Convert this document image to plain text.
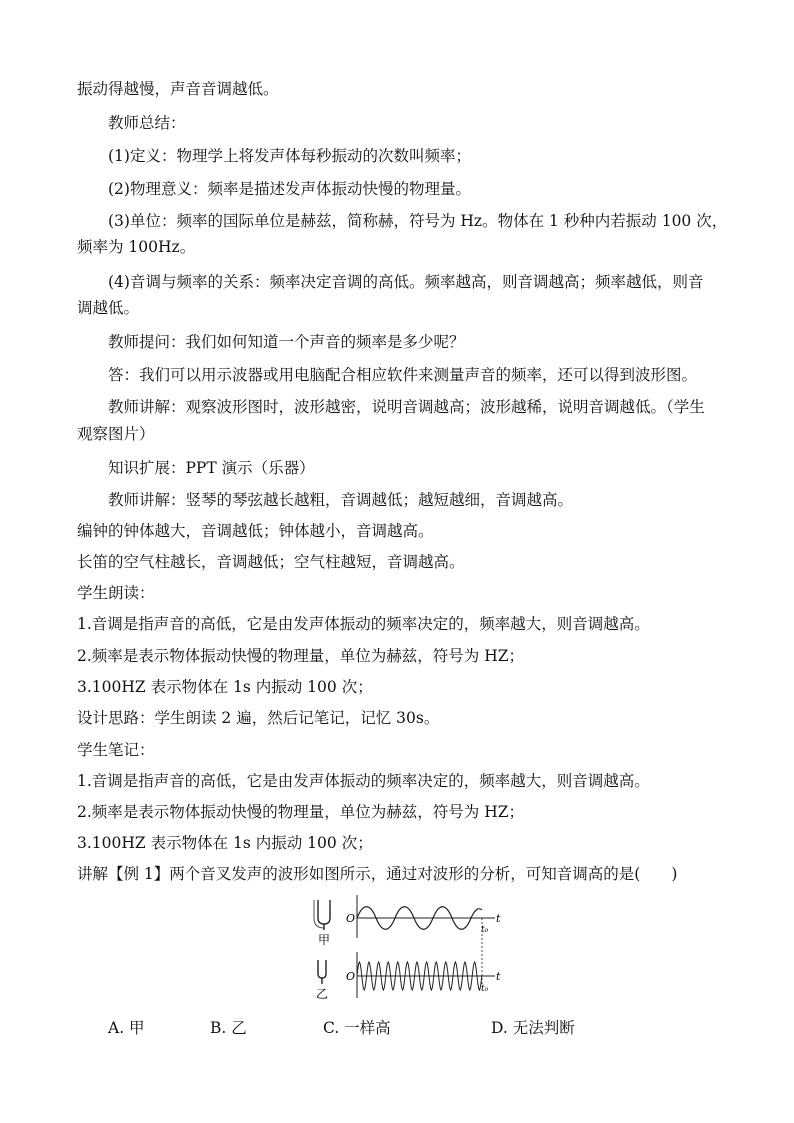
振动得越慢，声音音调越低。
教师总结：
(1)定义：物理学上将发声体每秒振动的次数叫频率；
(2)物理意义：频率是描述发声体振动快慢的物理量。
(3)单位：频率的国际单位是赫兹，简称赫，符号为 Hz。物体在 1 秒种内若振动 100 次，
频率为 100Hz。
(4)音调与频率的关系：频率决定音调的高低。频率越高，则音调越高；频率越低，则音
调越低。
教师提问：我们如何知道一个声音的频率是多少呢？
答：我们可以用示波器或用电脑配合相应软件来测量声音的频率，还可以得到波形图。
教师讲解：观察波形图时，波形越密，说明音调越高；波形越稀，说明音调越低。（学生
观察图片）
知识扩展：PPT 演示（乐器）
教师讲解：竖琴的琴弦越长越粗，音调越低；越短越细，音调越高。
编钟的钟体越大，音调越低；钟体越小，音调越高。
长笛的空气柱越长，音调越低；空气柱越短，音调越高。
学生朗读：
1.音调是指声音的高低，它是由发声体振动的频率决定的，频率越大，则音调越高。
2.频率是表示物体振动快慢的物理量，单位为赫兹，符号为 HZ；
3.100HZ 表示物体在 1s 内振动 100 次；
设计思路：学生朗读 2 遍，然后记笔记，记忆 30s。
学生笔记：
1.音调是指声音的高低，它是由发声体振动的频率决定的，频率越大，则音调越高。
2.频率是表示物体振动快慢的物理量，单位为赫兹，符号为 HZ；
3.100HZ 表示物体在 1s 内振动 100 次；
讲解【例 1】两个音叉发声的波形如图所示，通过对波形的分析，可知音调高的是(　　)
甲
O	t
t₀
乙
O	t
t₀
A. 甲	B. 乙	C. 一样高	D. 无法判断
